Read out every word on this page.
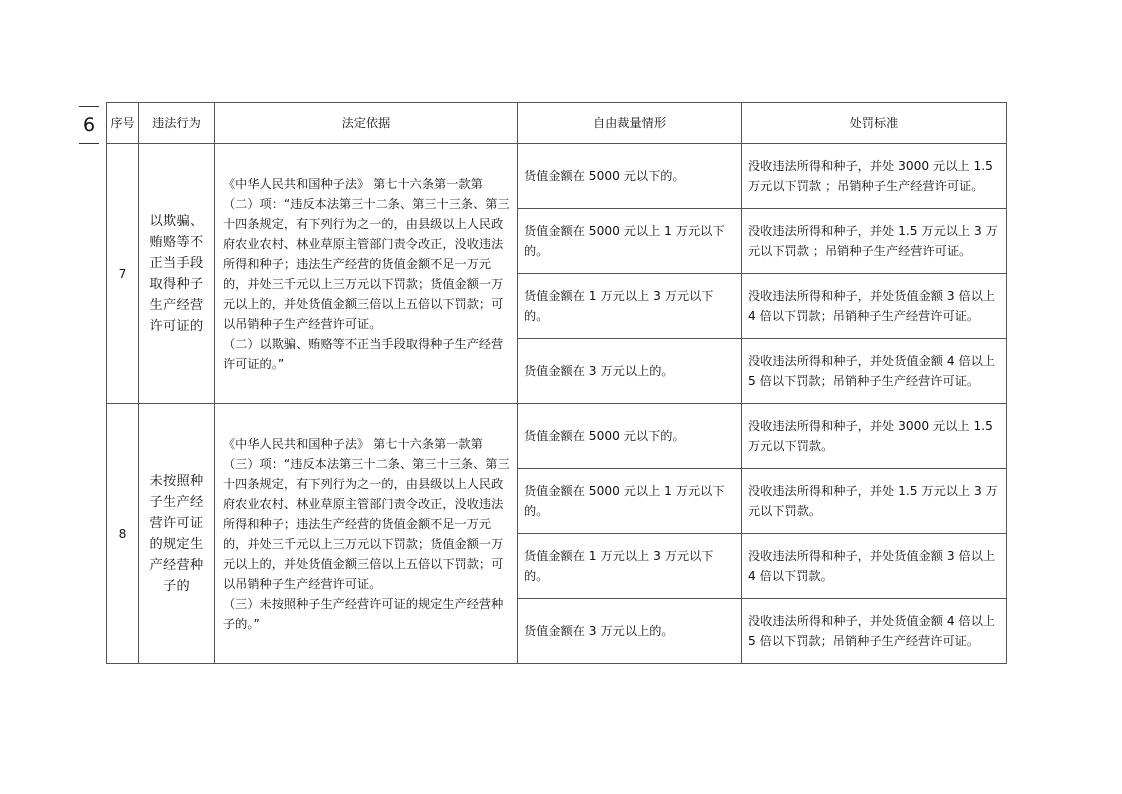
6	序号	违法行为	法定依据	自由裁量情形	处罚标准
7	以欺骗、贿赂等不正当手段取得种子生产经营许可证的	《中华人民共和国种子法》 第七十六条第一款第（二）项：“违反本法第三十二条、第三十三条、第三十四条规定，有下列行为之一的，由县级以上人民政府农业农村、林业草原主管部门责令改正，没收违法所得和种子；违法生产经营的货值金额不足一万元的，并处三千元以上三万元以下罚款；货值金额一万元以上的，并处货值金额三倍以上五倍以下罚款；可以吊销种子生产经营许可证。
（二）以欺骗、贿赂等不正当手段取得种子生产经营许可证的。”	货值金额在 5000 元以下的。	没收违法所得和种子，并处 3000 元以上 1.5 万元以下罚款 ；吊销种子生产经营许可证。
			货值金额在 5000 元以上 1 万元以下的。	没收违法所得和种子，并处 1.5 万元以上 3 万元以下罚款 ；吊销种子生产经营许可证。
			货值金额在 1 万元以上 3 万元以下的。	没收违法所得和种子，并处货值金额 3 倍以上 4 倍以下罚款；吊销种子生产经营许可证。
			货值金额在 3 万元以上的。	没收违法所得和种子，并处货值金额 4 倍以上 5 倍以下罚款；吊销种子生产经营许可证。
8	未按照种子生产经营许可证的规定生产经营种子的	《中华人民共和国种子法》 第七十六条第一款第（三）项：“违反本法第三十二条、第三十三条、第三十四条规定，有下列行为之一的，由县级以上人民政府农业农村、林业草原主管部门责令改正，没收违法所得和种子；违法生产经营的货值金额不足一万元的，并处三千元以上三万元以下罚款；货值金额一万元以上的，并处货值金额三倍以上五倍以下罚款；可以吊销种子生产经营许可证。
（三）未按照种子生产经营许可证的规定生产经营种子的。”	货值金额在 5000 元以下的。	没收违法所得和种子，并处 3000 元以上 1.5 万元以下罚款。
			货值金额在 5000 元以上 1 万元以下的。	没收违法所得和种子，并处 1.5 万元以上 3 万元以下罚款。
			货值金额在 1 万元以上 3 万元以下的。	没收违法所得和种子，并处货值金额 3 倍以上 4 倍以下罚款。
			货值金额在 3 万元以上的。	没收违法所得和种子，并处货值金额 4 倍以上 5 倍以下罚款；吊销种子生产经营许可证。
